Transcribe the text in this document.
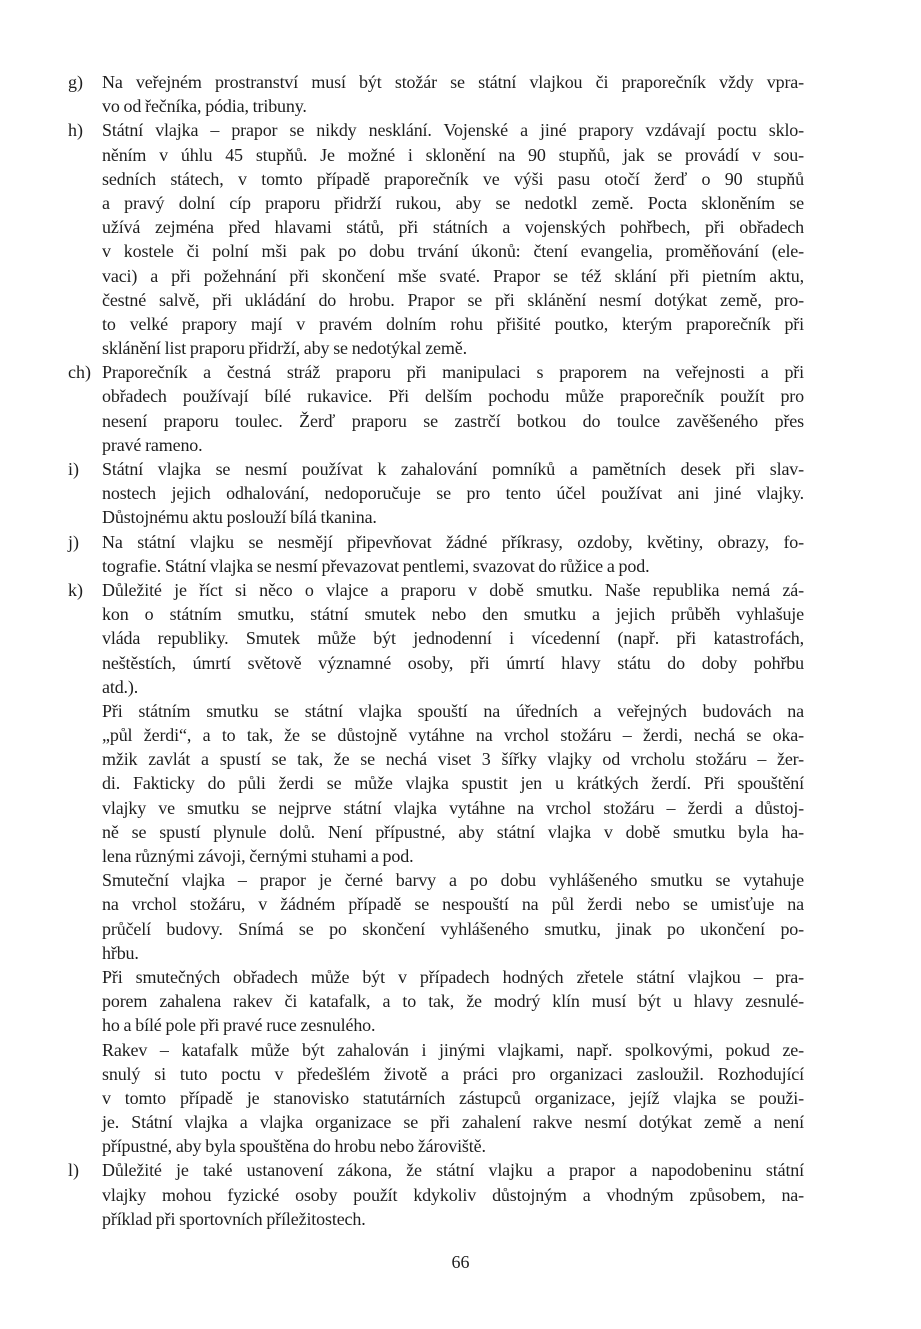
g) Na veřejném prostranství musí být stožár se státní vlajkou či praporečník vždy vpra-
vo od řečníka, pódia, tribuny.
h) Státní vlajka – prapor se nikdy nesklání. Vojenské a jiné prapory vzdávají poctu sklo-
něním v úhlu 45 stupňů. Je možné i sklonění na 90 stupňů, jak se provádí v sou-
sedních státech, v tomto případě praporečník ve výši pasu otočí žerď o 90 stupňů
a pravý dolní cíp praporu přidrží rukou, aby se nedotkl země. Pocta skloněním se
užívá zejména před hlavami států, při státních a vojenských pohřbech, při obřadech
v kostele či polní mši pak po dobu trvání úkonů: čtení evangelia, proměňování (ele-
vaci) a při požehnání při skončení mše svaté. Prapor se též sklání při pietním aktu,
čestné salvě, při ukládání do hrobu. Prapor se při sklánění nesmí dotýkat země, pro-
to velké prapory mají v pravém dolním rohu přišité poutko, kterým praporečník při
sklánění list praporu přidrží, aby se nedotýkal země.
ch) Praporečník a čestná stráž praporu při manipulaci s praporem na veřejnosti a při
obřadech používají bílé rukavice. Při delším pochodu může praporečník použít pro
nesení praporu toulec. Žerď praporu se zastrčí botkou do toulce zavěšeného přes
pravé rameno.
i) Státní vlajka se nesmí používat k zahalování pomníků a pamětních desek při slav-
nostech jejich odhalování, nedoporučuje se pro tento účel používat ani jiné vlajky.
Důstojnému aktu poslouží bílá tkanina.
j) Na státní vlajku se nesmějí připevňovat žádné příkrasy, ozdoby, květiny, obrazy, fo-
tografie. Státní vlajka se nesmí převazovat pentlemi, svazovat do růžice a pod.
k) Důležité je říct si něco o vlajce a praporu v době smutku. Naše republika nemá zá-
kon o státním smutku, státní smutek nebo den smutku a jejich průběh vyhlašuje
vláda republiky. Smutek může být jednodenní i vícedenní (např. při katastrofách,
neštěstích, úmrtí světově významné osoby, při úmrtí hlavy státu do doby pohřbu
atd.).
Při státním smutku se státní vlajka spouští na úředních a veřejných budovách na
„půl žerdi“, a to tak, že se důstojně vytáhne na vrchol stožáru – žerdi, nechá se oka-
mžik zavlát a spustí se tak, že se nechá viset 3 šířky vlajky od vrcholu stožáru – žer-
di. Fakticky do půli žerdi se může vlajka spustit jen u krátkých žerdí. Při spouštění
vlajky ve smutku se nejprve státní vlajka vytáhne na vrchol stožáru – žerdi a důstoj-
ně se spustí plynule dolů. Není přípustné, aby státní vlajka v době smutku byla ha-
lena různými závoji, černými stuhami a pod.
Smuteční vlajka – prapor je černé barvy a po dobu vyhlášeného smutku se vytahuje
na vrchol stožáru, v žádném případě se nespouští na půl žerdi nebo se umisťuje na
průčelí budovy. Snímá se po skončení vyhlášeného smutku, jinak po ukončení po-
hřbu.
Při smutečných obřadech může být v případech hodných zřetele státní vlajkou – pra-
porem zahalena rakev či katafalk, a to tak, že modrý klín musí být u hlavy zesnulé-
ho a bílé pole při pravé ruce zesnulého.
Rakev – katafalk může být zahalován i jinými vlajkami, např. spolkovými, pokud ze-
snulý si tuto poctu v předešlém životě a práci pro organizaci zasloužil. Rozhodující
v tomto případě je stanovisko statutárních zástupců organizace, jejíž vlajka se použi-
je. Státní vlajka a vlajka organizace se při zahalení rakve nesmí dotýkat země a není
přípustné, aby byla spouštěna do hrobu nebo žároviště.
l) Důležité je také ustanovení zákona, že státní vlajku a prapor a napodobeninu státní
vlajky mohou fyzické osoby použít kdykoliv důstojným a vhodným způsobem, na-
příklad při sportovních příležitostech.
66
